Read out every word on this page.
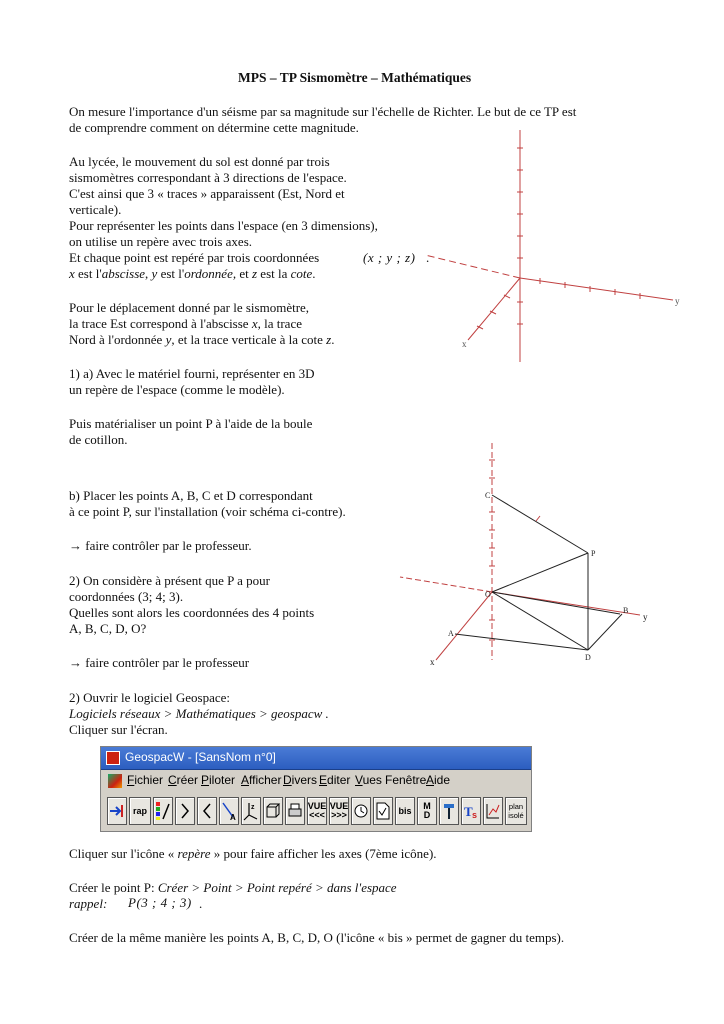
MPS – TP Sismomètre – Mathématiques
On mesure l'importance d'un séisme par sa magnitude sur l'échelle de Richter. Le but de ce TP est
de comprendre comment on détermine cette magnitude.
Au lycée, le mouvement du sol est donné par trois
sismomètres correspondant à 3 directions de l'espace.
C'est ainsi que 3 « traces » apparaissent (Est, Nord et
verticale).
Pour représenter les points dans l'espace (en 3 dimensions),
on utilise un repère avec trois axes.
Et chaque point est repéré par trois coordonnées	(x ; y ; z) .
x est l'abscisse, y est l'ordonnée, et z est la cote.
Pour le déplacement donné par le sismomètre,
la trace Est correspond à l'abscisse x, la trace
Nord à l'ordonnée y, et la trace verticale à la cote z.
1) a) Avec le matériel fourni, représenter en 3D
un repère de l'espace (comme le modèle).
Puis matérialiser un point P à l'aide de la boule
de cotillon.
b) Placer les points A, B, C et D correspondant
à ce point P, sur l'installation (voir schéma ci-contre).
→ faire contrôler par le professeur.
2) On considère à présent que P a pour
coordonnées (3; 4; 3).
Quelles sont alors les coordonnées des 4 points
A, B, C, D, O?
→ faire contrôler par le professeur
2) Ouvrir le logiciel Geospace:
Logiciels réseaux > Mathématiques > geospacw .
Cliquer sur l'écran.
GeospacW - [SansNom n°0]
Fichier Créer Piloter Afficher Divers Editer Vues Fenêtre Aide
rap
A
z	VUE
<<<
VUE
>>>	bis	M
D	T s
plan
isolé
Cliquer sur l'icône « repère » pour faire afficher les axes (7ème icône).
Créer le point P: Créer > Point > Point repéré > dans l'espace
rappel: P(3 ; 4 ; 3) .
Créer de la même manière les points A, B, C, D, O (l'icône « bis » permet de gagner du temps).
y
x
C
P
O
B
A
D
y
x
